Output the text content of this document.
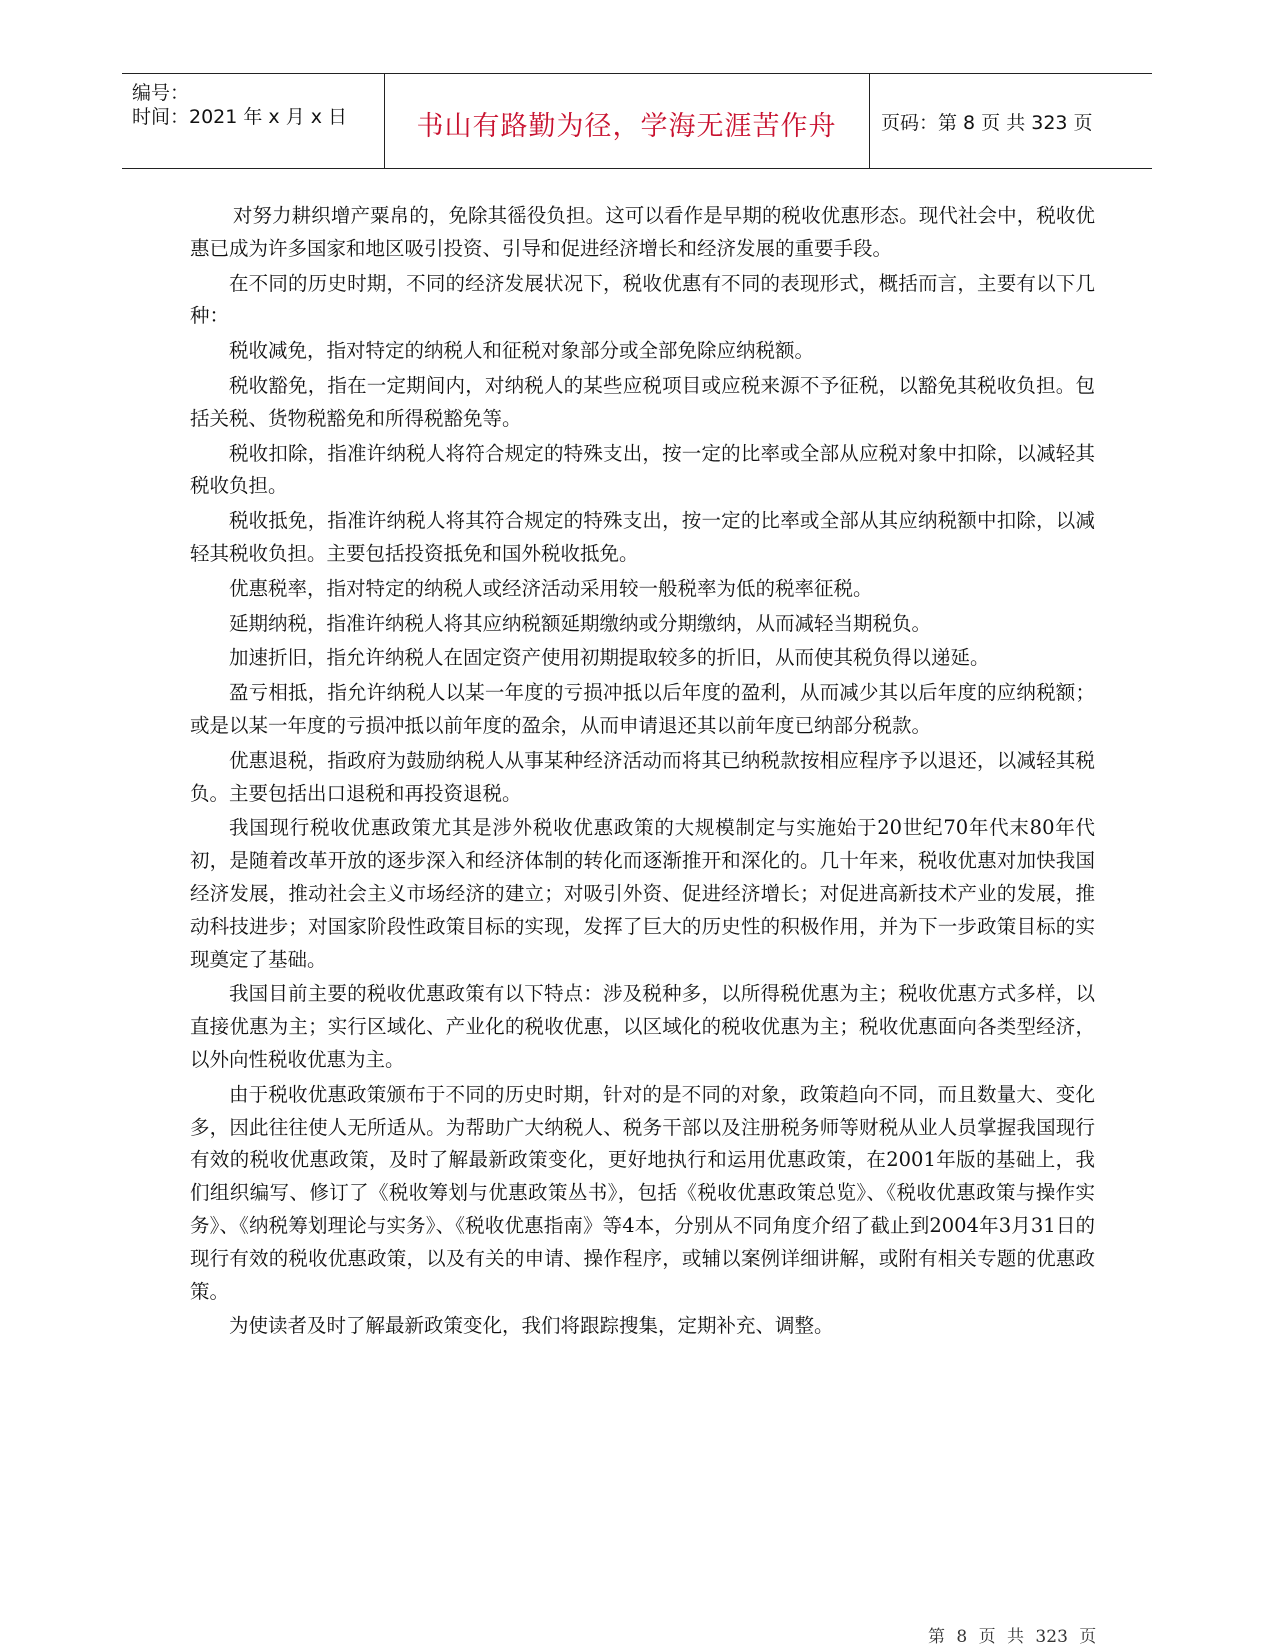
编号：
时间：2021 年 x 月 x 日	书山有路勤为径，学海无涯苦作舟	页码：第 8 页 共 323 页

对努力耕织增产粟帛的，免除其徭役负担。这可以看作是早期的税收优惠形态。现代社会中，税收优惠已成为许多国家和地区吸引投资、引导和促进经济增长和经济发展的重要手段。

在不同的历史时期，不同的经济发展状况下，税收优惠有不同的表现形式，概括而言，主要有以下几种：

税收减免，指对特定的纳税人和征税对象部分或全部免除应纳税额。

税收豁免，指在一定期间内，对纳税人的某些应税项目或应税来源不予征税，以豁免其税收负担。包括关税、货物税豁免和所得税豁免等。

税收扣除，指准许纳税人将符合规定的特殊支出，按一定的比率或全部从应税对象中扣除，以减轻其税收负担。

税收抵免，指准许纳税人将其符合规定的特殊支出，按一定的比率或全部从其应纳税额中扣除，以减轻其税收负担。主要包括投资抵免和国外税收抵免。

优惠税率，指对特定的纳税人或经济活动采用较一般税率为低的税率征税。

延期纳税，指准许纳税人将其应纳税额延期缴纳或分期缴纳，从而减轻当期税负。

加速折旧，指允许纳税人在固定资产使用初期提取较多的折旧，从而使其税负得以递延。

盈亏相抵，指允许纳税人以某一年度的亏损冲抵以后年度的盈利，从而减少其以后年度的应纳税额；或是以某一年度的亏损冲抵以前年度的盈余，从而申请退还其以前年度已纳部分税款。

优惠退税，指政府为鼓励纳税人从事某种经济活动而将其已纳税款按相应程序予以退还，以减轻其税负。主要包括出口退税和再投资退税。

我国现行税收优惠政策尤其是涉外税收优惠政策的大规模制定与实施始于20世纪70年代末80年代初，是随着改革开放的逐步深入和经济体制的转化而逐渐推开和深化的。几十年来，税收优惠对加快我国经济发展，推动社会主义市场经济的建立；对吸引外资、促进经济增长；对促进高新技术产业的发展，推动科技进步；对国家阶段性政策目标的实现，发挥了巨大的历史性的积极作用，并为下一步政策目标的实现奠定了基础。

我国目前主要的税收优惠政策有以下特点：涉及税种多，以所得税优惠为主；税收优惠方式多样，以直接优惠为主；实行区域化、产业化的税收优惠，以区域化的税收优惠为主；税收优惠面向各类型经济，以外向性税收优惠为主。

由于税收优惠政策颁布于不同的历史时期，针对的是不同的对象，政策趋向不同，而且数量大、变化多，因此往往使人无所适从。为帮助广大纳税人、税务干部以及注册税务师等财税从业人员掌握我国现行有效的税收优惠政策，及时了解最新政策变化，更好地执行和运用优惠政策，在2001年版的基础上，我们组织编写、修订了《税收筹划与优惠政策丛书》，包括《税收优惠政策总览》、《税收优惠政策与操作实务》、《纳税筹划理论与实务》、《税收优惠指南》等4本，分别从不同角度介绍了截止到2004年3月31日的现行有效的税收优惠政策，以及有关的申请、操作程序，或辅以案例详细讲解，或附有相关专题的优惠政策。

为使读者及时了解最新政策变化，我们将跟踪搜集，定期补充、调整。

第 8 页 共 323 页
